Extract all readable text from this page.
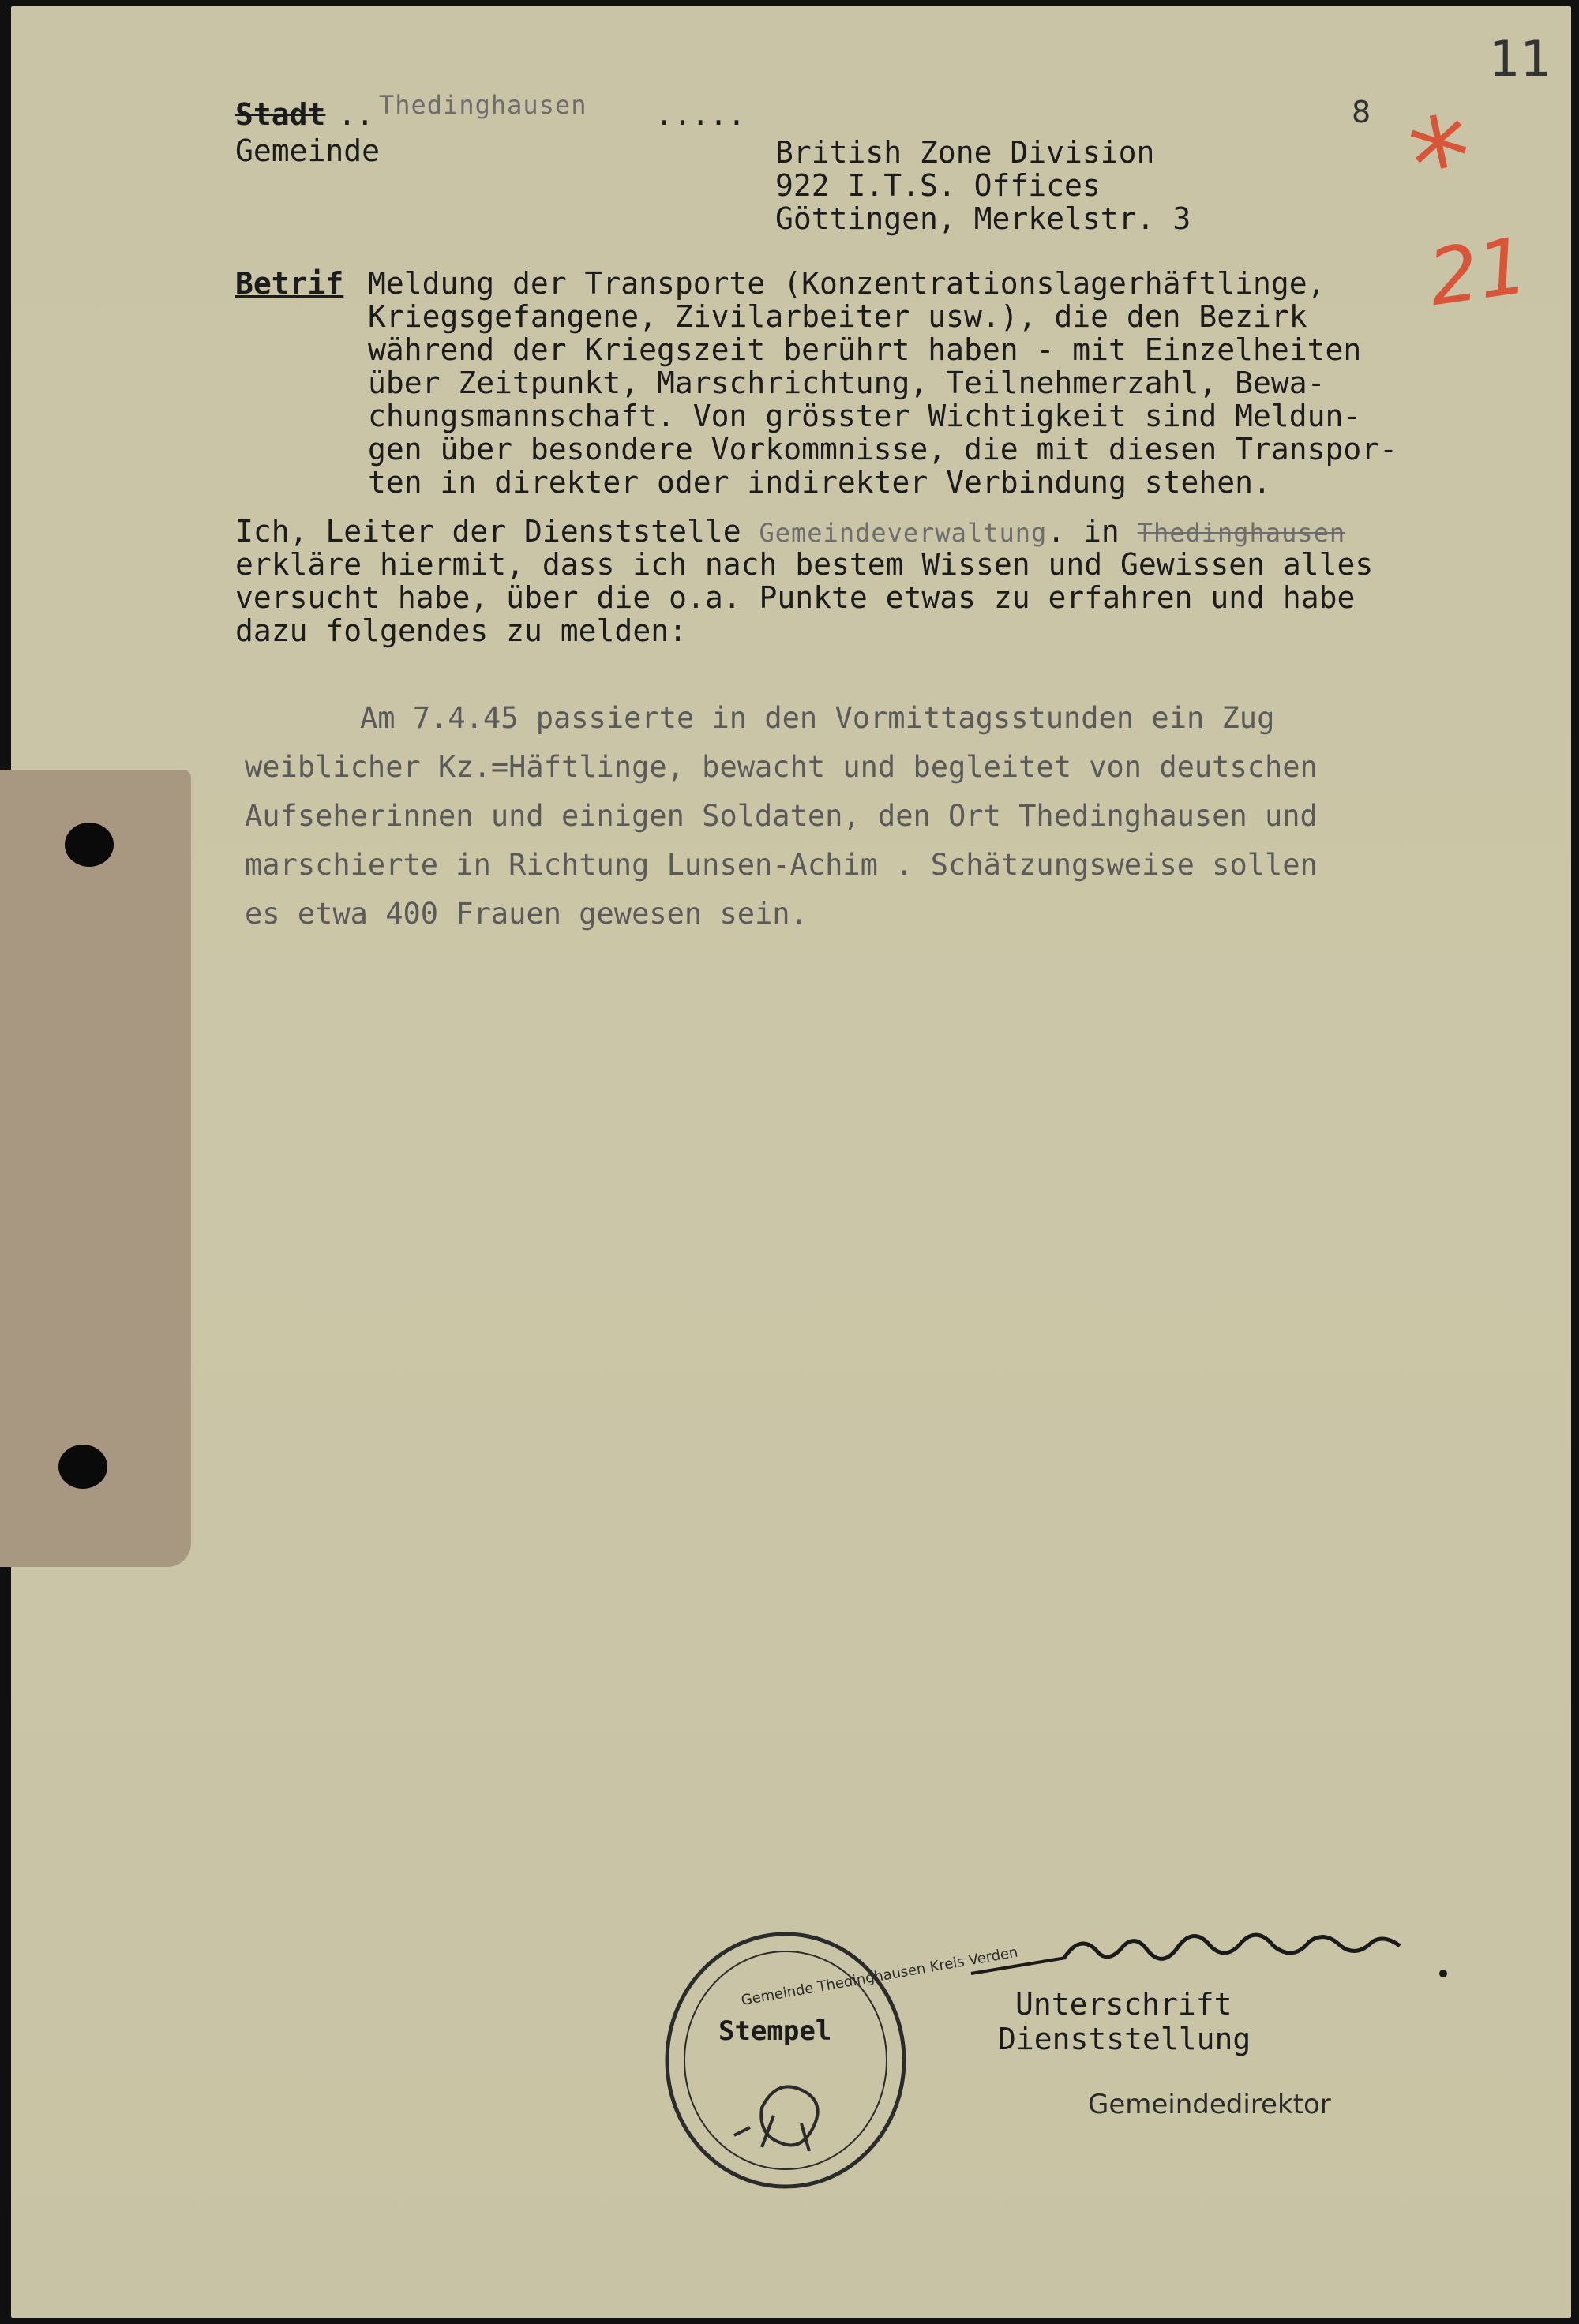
11
Stadt .. Thedinghausen .....
Gemeinde
8
British Zone Division
922 I.T.S. Offices
Göttingen, Merkelstr. 3 *
21
Betrif Meldung der Transporte (Konzentrationslagerhäftlinge,
Kriegsgefangene, Zivilarbeiter usw.), die den Bezirk
während der Kriegszeit berührt haben - mit Einzelheiten
über Zeitpunkt, Marschrichtung, Teilnehmerzahl, Bewa-
chungsmannschaft. Von grösster Wichtigkeit sind Meldun-
gen über besondere Vorkommnisse, die mit diesen Transpor-
ten in direkter oder indirekter Verbindung stehen.
Ich, Leiter der Dienststelle Gemeindeverwaltung. in Thedinghausen
erkläre hiermit, dass ich nach bestem Wissen und Gewissen alles
versucht habe, über die o.a. Punkte etwas zu erfahren und habe
dazu folgendes zu melden:
Am 7.4.45 passierte in den Vormittagsstunden ein Zug
weiblicher Kz.=Häftlinge, bewacht und begleitet von deutschen
Aufseherinnen und einigen Soldaten, den Ort Thedinghausen und
marschierte in Richtung Lunsen-Achim . Schätzungsweise sollen
es etwa 400 Frauen gewesen sein.
Gemeinde Thedinghausen Kreis Verden
Stempel
Unterschrift
Dienststellung
Gemeindedirektor
